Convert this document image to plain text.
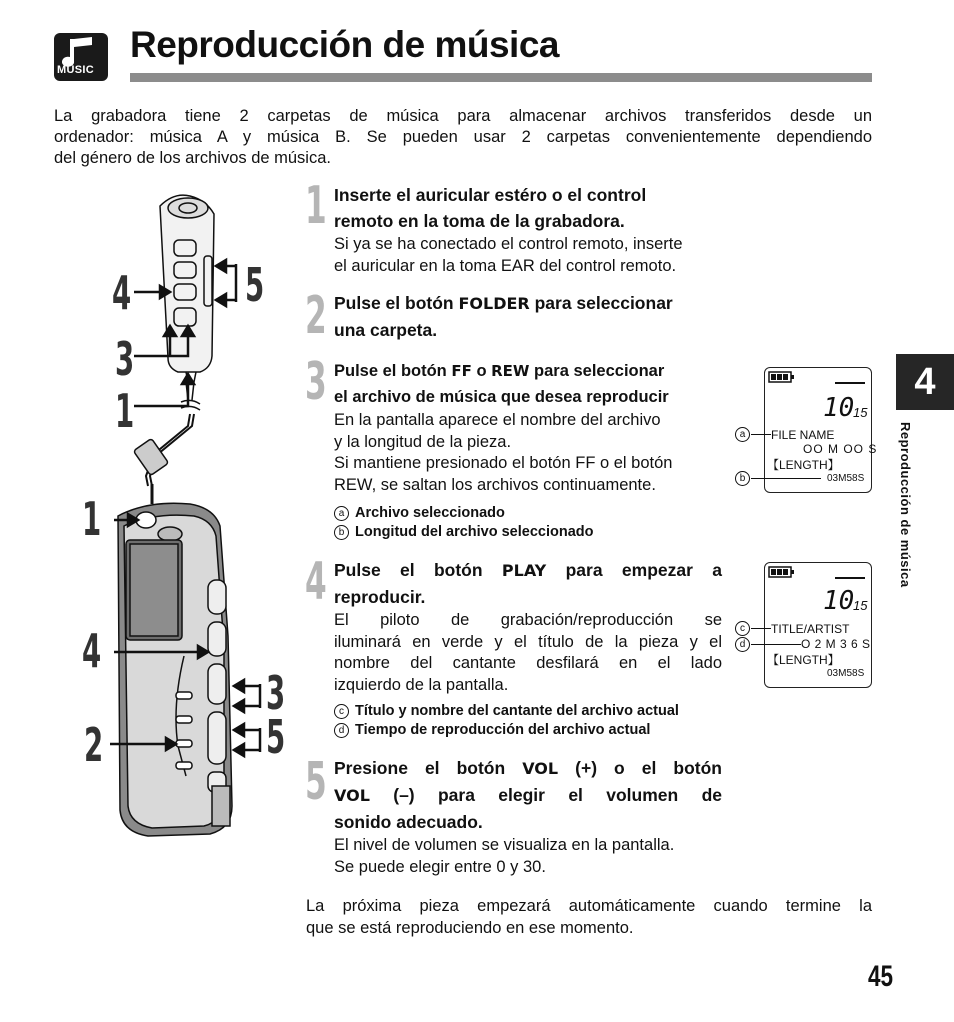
MUSIC
Reproducción de música
La grabadora tiene 2 carpetas de música para almacenar archivos transferidos desde un
ordenador: música A y música B. Se pueden usar 2 carpetas convenientemente dependiendo
del género de los archivos de música.
4 5
3
1
1
4
3
2	5
1 Inserte el auricular estéro o el control
remoto en la toma de la grabadora.
Si ya se ha conectado el control remoto, inserte
el auricular en la toma EAR del control remoto.
2 Pulse el botón FOLDER para seleccionar
una carpeta.
3 Pulse el botón FF o REW para seleccionar
el archivo de música que desea reproducir
En la pantalla aparece el nombre del archivo
y la longitud de la pieza.
Si mantiene presionado el botón FF o el botón
REW, se saltan los archivos continuamente.
a Archivo seleccionado
b Longitud del archivo seleccionado
10
15
a	FILE NAME
OO M OO S
【LENGTH】
b	03M58S
4 Pulse el botón PLAY para empezar a
reproducir.
El piloto de grabación/reproducción se
iluminará en verde y el título de la pieza y el
nombre del cantante desfilará en el lado
izquierdo de la pantalla.
c Título y nombre del cantante del archivo actual
d Tiempo de reproducción del archivo actual
10
15
c	TITLE/ARTIST
d	O 2 M 3 6 S
【LENGTH】
03M58S
5 Presione el botón VOL (+) o el botón
VOL (–) para elegir el volumen de
sonido adecuado.
El nivel de volumen se visualiza en la pantalla.
Se puede elegir entre 0 y 30.
La próxima pieza empezará automáticamente cuando termine la
que se está reproduciendo en ese momento.
4
Reproducción de música
45
